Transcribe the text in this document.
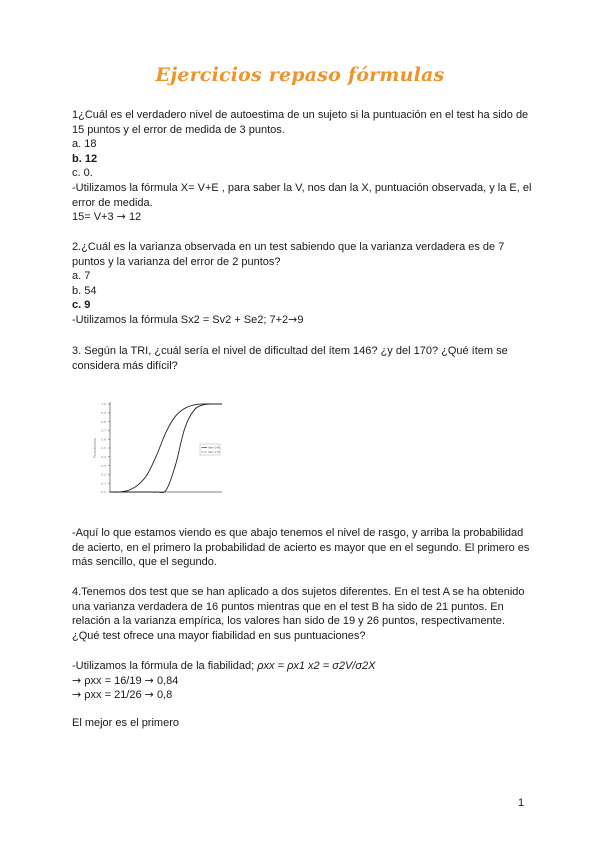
Ejercicios repaso fórmulas

1¿Cuál es el verdadero nivel de autoestima de un sujeto si la puntuación en el test ha sido de 15 puntos y el error de medida de 3 puntos.

a. 18

b. 12

c. 0.

-Utilizamos la fórmula X= V+E , para saber la V, nos dan la X, puntuación observada, y la E, el error de medida.

15= V+3 → 12

2.¿Cuál es la varianza observada en un test sabiendo que la varianza verdadera es de 7 puntos y la varianza del error de 2 puntos?

a. 7

b. 54

c. 9

-Utilizamos la fórmula Sx2 = Sv2 + Se2; 7+2→9

3. Según la TRI, ¿cuál sería el nivel de dificultad del ítem 146? ¿y del 170? ¿Qué ítem se considera más difícil?

1.0
0.9
0.8
0.7
0.6
0.5
0.4
0.3
0.2
0.1
0.0
Probabilidad	Ítem 146
Ítem 170

-Aquí lo que estamos viendo es que abajo tenemos el nivel de rasgo, y arriba la probabilidad de acierto, en el primero la probabilidad de acierto es mayor que en el segundo. El primero es más sencillo, que el segundo.

4.Tenemos dos test que se han aplicado a dos sujetos diferentes. En el test A se ha obtenido una varianza verdadera de 16 puntos mientras que en el test B ha sido de 21 puntos. En relación a la varianza empírica, los valores han sido de 19 y 26 puntos, respectivamente. ¿Qué test ofrece una mayor fiabilidad en sus puntuaciones?

-Utilizamos la fórmula de la fiabilidad; ρxx = ρx1 x2 = σ2V/σ2X

→ ρxx = 16/19 → 0,84

→ ρxx = 21/26 → 0,8

El mejor es el primero

1
